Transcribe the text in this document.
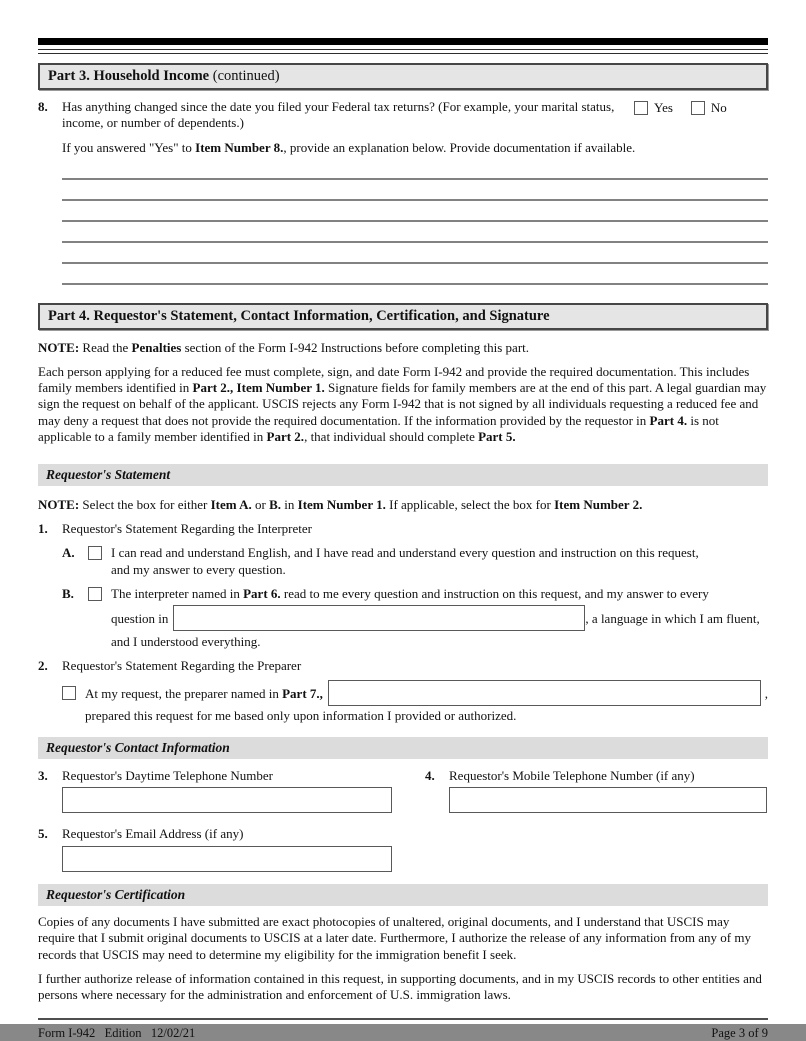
Part 3. Household Income (continued)
8.	Has anything changed since the date you filed your Federal tax returns? (For example, your marital status, income, or number of dependents.)
Yes	No
If you answered "Yes" to Item Number 8., provide an explanation below. Provide documentation if available.
Part 4. Requestor's Statement, Contact Information, Certification, and Signature
NOTE: Read the Penalties section of the Form I-942 Instructions before completing this part.
Each person applying for a reduced fee must complete, sign, and date Form I-942 and provide the required documentation. This includes family members identified in Part 2., Item Number 1. Signature fields for family members are at the end of this part. A legal guardian may sign the request on behalf of the applicant. USCIS rejects any Form I-942 that is not signed by all individuals requesting a reduced fee and may deny a request that does not provide the required documentation. If the information provided by the requestor in Part 4. is not applicable to a family member identified in Part 2., that individual should complete Part 5.
Requestor's Statement
NOTE: Select the box for either Item A. or B. in Item Number 1. If applicable, select the box for Item Number 2.
1.	Requestor's Statement Regarding the Interpreter
A.	I can read and understand English, and I have read and understand every question and instruction on this request, and my answer to every question.
B.	The interpreter named in Part 6. read to me every question and instruction on this request, and my answer to every
question in	, a language in which I am fluent,
and I understood everything.
2.	Requestor's Statement Regarding the Preparer
At my request, the preparer named in Part 7.,	,
prepared this request for me based only upon information I provided or authorized.
Requestor's Contact Information
3.	Requestor's Daytime Telephone Number	4.	Requestor's Mobile Telephone Number (if any)
5.	Requestor's Email Address (if any)
Requestor's Certification
Copies of any documents I have submitted are exact photocopies of unaltered, original documents, and I understand that USCIS may require that I submit original documents to USCIS at a later date. Furthermore, I authorize the release of any information from any of my records that USCIS may need to determine my eligibility for the immigration benefit I seek.
I further authorize release of information contained in this request, in supporting documents, and in my USCIS records to other entities and persons where necessary for the administration and enforcement of U.S. immigration laws.
Form I-942   Edition   12/02/21	Page 3 of 9
